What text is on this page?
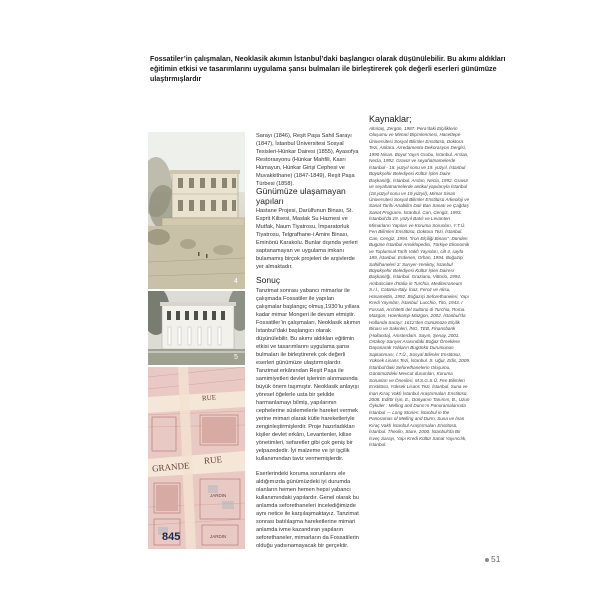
Fossatiler’in çalışmaları, Neoklasik akımın İstanbul’daki başlangıcı olarak düşünülebilir. Bu akımı aldıkları eğitimin etkisi ve tasarımlarını uygulama şansı bulmaları ile birleştirerek çok değerli eserleri günümüze ulaştırmışlardır
4
5
RUE
GRANDE
RUE
845
JARDIN
JARDIN

Sarayı (1846), Reşit Paşa Sahil Sarayı (1847), İstanbul Üniversitesi Sosyal Tesisleri-Hünkar Dairesi (1855), Ayasofya Restorasyonu (Hünkar Mahfili, Kasrı Hümayun, Hünkar Girişi Cephesi ve Muvakkithane) (1847-1849), Reşit Paşa Türbesi (1858).

Günümüze ulaşamayan yapıları

Hastane Projesi, Darülfunun Binası, St. Esprit Kilisesi, Maslak Su Haznesi ve Mutfak, Naum Tiyatrosu, İmparatorluk Tiyatrosu, Telgrafhane-i Amire Binası, Eminönü Karakolu. Bunlar dışında yerleri saptanamayan ve uygulama imkanı bulamamış birçok projeleri de arşivlerde yer almaktadır.

Sonuç

Tanzimat sonrası yabancı mimarlar ile çalışmada Fossatiler ile yapılan çalışmalar başlangıç olmuş,1930’lu yıllara kadar mimar Mongeri ile devam etmiştir. Fossatiler’in çalışmaları, Neoklasik akımın İstanbul’daki başlangıcı olarak düşünülebilir. Bu akımı aldıkları eğitimin etkisi ve tasarımlarını uygulama şansı bulmaları ile birleştirerek çok değerli eserleri günümüze ulaştırmışlardır. Tanzimat erkânından Reşit Paşa ile samimiyetleri devlet işlerinin alınmasında büyük önem taşımıştır. Neoklasik anlayışı yöresel öğelerle usta bir şekilde harmanlamayı bilmiş, yapılarının cephelerine süslemelerle hareket vermek yerine mimari olarak kütle hareketleriyle zenginleştirmişlerdir. Proje hazırladıkları kişiler devlet erkânı, Levantenler, kilise yönetimleri, sefaretler gibi çok geniş bir yelpazededir. İyi malzeme ve iyi işçilik kullanımından taviz vermemişlerdir.

Eserlerindeki koruma sorunlarını ele aldığımızda günümüzdeki iyi durumda olanların hemen hemen hepsi yabancı kullanımındaki yapılardır. Genel olarak bu anlamda seforethaneleri incelediğimizde aynı netice ile karşılaşmaktayız. Tanzimat sonrası batılılaşma hareketlerine mimari anlamda ivme kazandıran yapıların seforethaneler, mimarların da Fossatilerin olduğu yadsınamayacak bir gerçektir.

Kaynaklar;

Altıntaş, Zergün, 1987. Pera’daki Elçiliklerin Oluşumu ve Mimari Biçimlenmesi, Hacettepe Üniversitesi Sosyal Bilimler Enstitüsü, Doktora Tezi, Ankara. Arredamento-Dekorasyon Dergisi, 1990 Nisan. Boyut Yayın Grubu, İstanbul. Arslan, Necla, 1992. Gravür ve seyahatnamelerde İstanbul - 18. yüzyıl sonu ve 19. yüzyıl, İstanbul Büyükşehir Belediyesi Kültür İşleri Daire Başkanlığı, İstanbul. Arslan, Necla, 1992. Gravür ve seyahatnamelerde antikal yapılarıyla İstanbul (18.yüzyıl sonu ve 19.yüzyıl), Mimar Sinan Üniversitesi Sosyal Bilimler Enstitüsü Arkeoloji ve Sanat Tarihi Anabilim Dalı Batı Sanatı ve Çağdaş Sanat Programı, İstanbul. Can, Cengiz, 1993. İstanbul’da 19. yüzyıl Batılı ve Levanten Mimarların Yapıları ve Koruma Sorunları, Y.T.Ü. Fen Bilimleri Enstitüsü, Doktora Tezi, İstanbul. Can, Cengiz, 1994. “İron Elçiliği Binası”, Dünden Bugüne İstanbul Ansiklopedisi, Türkiye Ekonomik ve Toplumsal Tarih Vakfı Yayınları, cilt 4, sayfa 189, İstanbul. Erdenen, Orhan, 1994. Boğaziçi Sahilhaneleri 3: Sarıyer-Yeniköy, İstanbul Büyükşehir Belediyesi Kültür İşleri Dairesi Başkanlığı, İstanbul. Graziano, Vittorio, 1994. Ambasciate d’Italia in Turchia, Mediterraneum S.r.l., Catania-Italy. İnaz, Feroz ve Aksu, Hüsamettin, 1992. Boğaziçi Seforethaneleri, Yapı Kredi Yayınları, İstanbul. Lucchio, Tito, 1943. I Fossati, Architetti del Sultano di Turchia, Roma. Mazgon, Hoenkamp-Mazgon, 2002. İstanbul’da Hollanda Sarayı: 1612’den Günümüze Elçilik Binası ve Sakinleri, İNG, TEB, Finansbank (Hollanda), Amsterdam. Sayın, Şenay, 2001. Ortaköy-Sarıyer Arasındaki Boğaz Örneklere Dayanarak Yalıların Bugünkü Durumunun Saptanması, İ.T.Ü., Sosyal Bilimler Enstitüsü, Yüksek Lisans Tezi, İstanbul. S. Uğur, Edis, 2009. İstanbul’daki Seforethanelerin Oluşumu, Günümüzdeki Mevcut durumları, Koruma Sorunları ve Önerileri, M.S.G.S.Ü. Fen Bilimleri Enstitüsü, Yüksek Lisans Tezi, İstanbul. Suna ve İnan Kıraç Vakfı İstanbul Araştırmaları Enstitüsü, 2008. Editör İşın, E., Dünyanın Tanımın, B., Uzun Öyküler : Melling and Dunn’ın Panoramalarında İstanbul — Long Stories: İstanbul in the Panoramas of Melling and Dunn, Suna ve İnan Kıraç Vakfı İstanbul Araştırmaları Enstitüsü, İstanbul. Theolin, Sture, 2000. İstanbul’da Bir İsveç Sarayı, Yapı Kredi Kültür Sanat Yayıncılık, İstanbul.

51
